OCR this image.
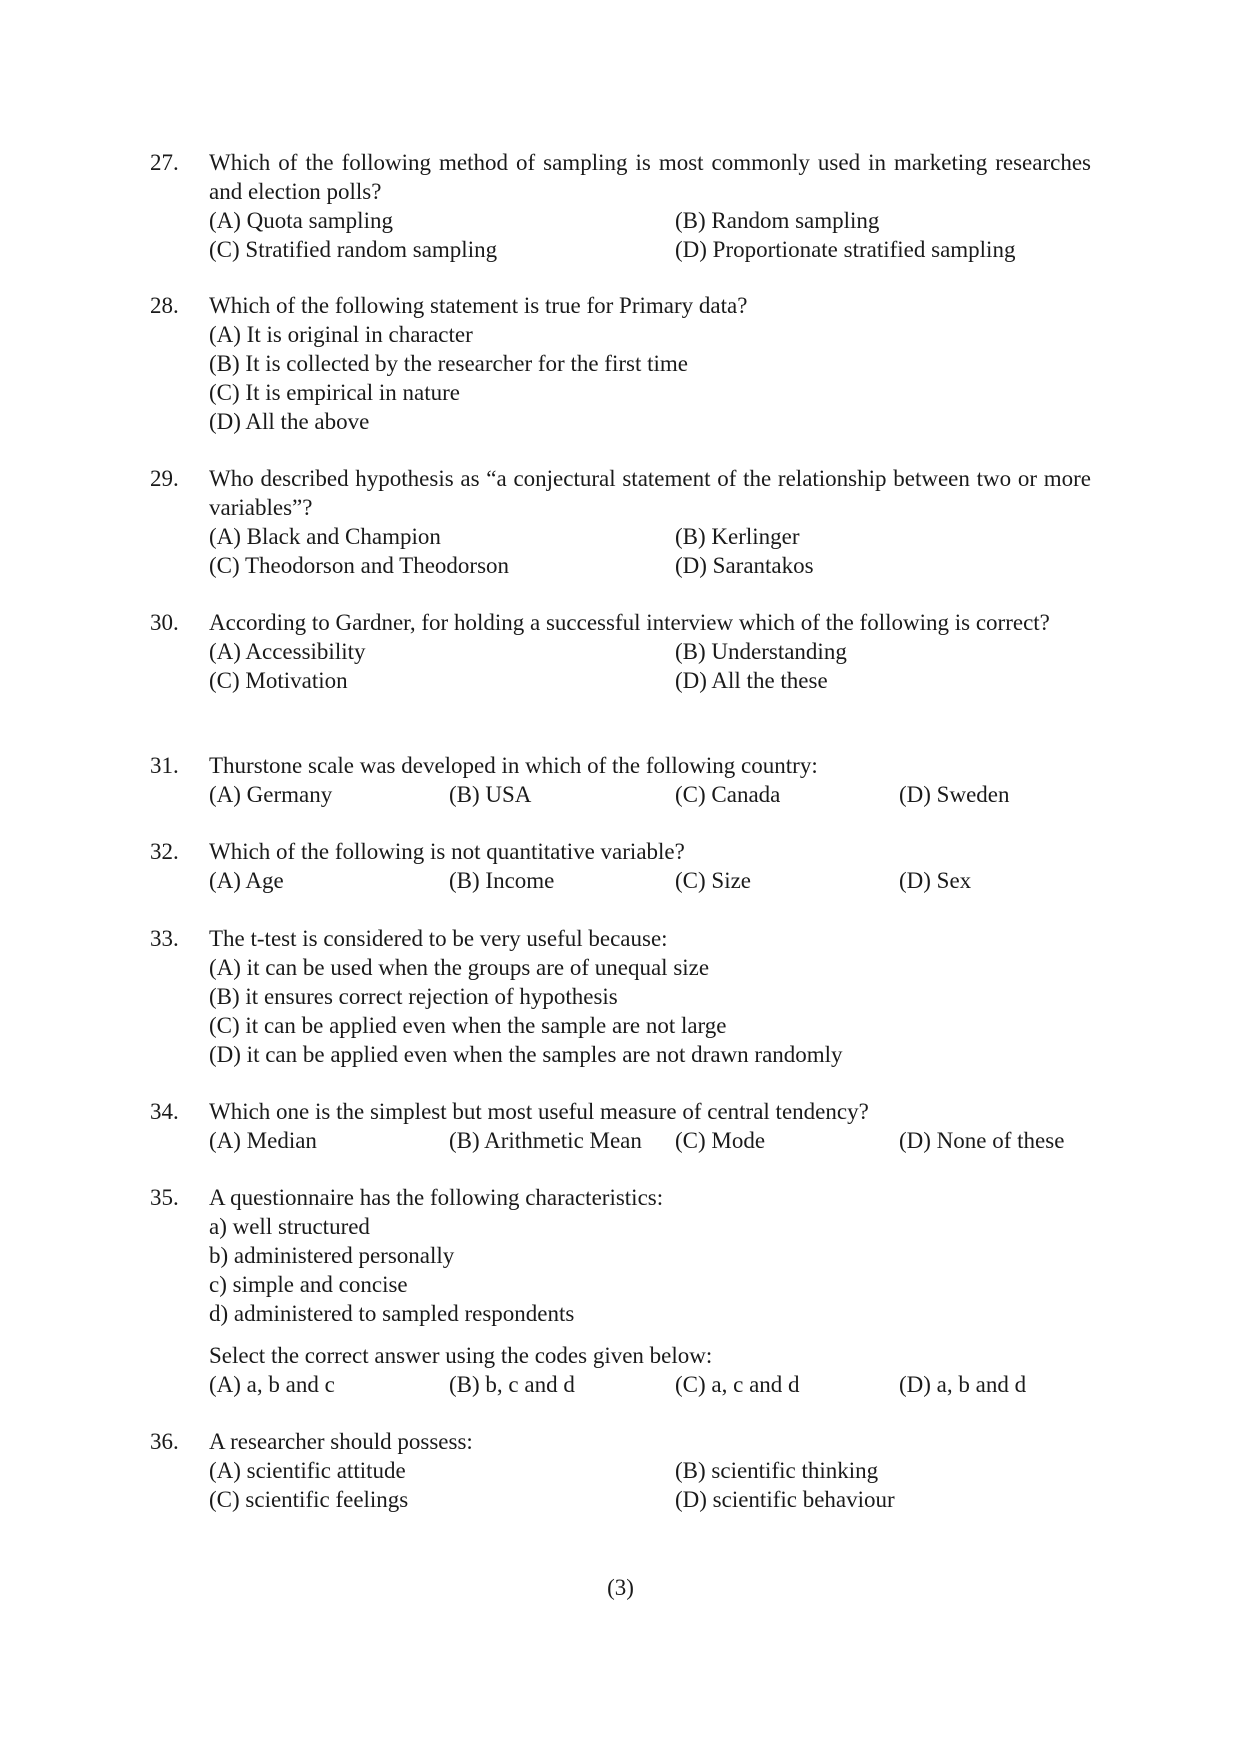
27.	Which of the following method of sampling is most commonly used in marketing researches and election polls?
(A) Quota sampling	(B) Random sampling
(C) Stratified random sampling	(D) Proportionate stratified sampling
28.	Which of the following statement is true for Primary data?
(A) It is original in character
(B) It is collected by the researcher for the first time
(C) It is empirical in nature
(D) All the above
29.	Who described hypothesis as “a conjectural statement of the relationship between two or more variables”?
(A) Black and Champion	(B) Kerlinger
(C) Theodorson and Theodorson	(D) Sarantakos
30.	According to Gardner, for holding a successful interview which of the following is correct?
(A) Accessibility	(B) Understanding
(C) Motivation	(D) All the these
31.	Thurstone scale was developed in which of the following country:
(A) Germany	(B) USA	(C) Canada	(D) Sweden
32.	Which of the following is not quantitative variable?
(A) Age	(B) Income	(C) Size	(D) Sex
33.	The t-test is considered to be very useful because:
(A) it can be used when the groups are of unequal size
(B) it ensures correct rejection of hypothesis
(C) it can be applied even when the sample are not large
(D) it can be applied even when the samples are not drawn randomly
34.	Which one is the simplest but most useful measure of central tendency?
(A) Median	(B) Arithmetic Mean (C) Mode	(D) None of these
35.	A questionnaire has the following characteristics:
a) well structured
b) administered personally
c) simple and concise
d) administered to sampled respondents
Select the correct answer using the codes given below:
(A) a, b and c	(B) b, c and d	(C) a, c and d	(D) a, b and d
36.	A researcher should possess:
(A) scientific attitude	(B) scientific thinking
(C) scientific feelings	(D) scientific behaviour
(3)
